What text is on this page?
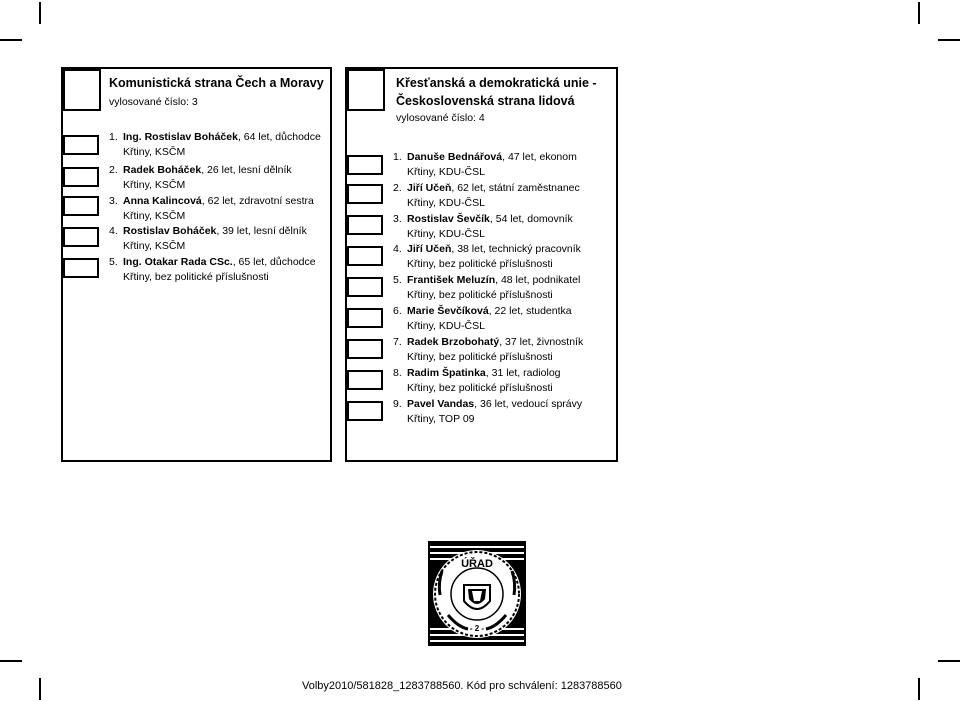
Komunistická strana Čech a Moravy
vylosované číslo: 3
1. Ing. Rostislav Boháček, 64 let, důchodce
Křtiny, KSČM
2. Radek Boháček, 26 let, lesní dělník
Křtiny, KSČM
3. Anna Kalincová, 62 let, zdravotní sestra
Křtiny, KSČM
4. Rostislav Boháček, 39 let, lesní dělník
Křtiny, KSČM
5. Ing. Otakar Rada CSc., 65 let, důchodce
Křtiny, bez politické příslušnosti
Křesťanská a demokratická unie -
Československá strana lidová
vylosované číslo: 4
1. Danuše Bednářová, 47 let, ekonom
Křtiny, KDU-ČSL
2. Jiří Učeň, 62 let, státní zaměstnanec
Křtiny, KDU-ČSL
3. Rostislav Ševčík, 54 let, domovník
Křtiny, KDU-ČSL
4. Jiří Učeň, 38 let, technický pracovník
Křtiny, bez politické příslušnosti
5. František Meluzín, 48 let, podnikatel
Křtiny, bez politické příslušnosti
6. Marie Ševčíková, 22 let, studentka
Křtiny, KDU-ČSL
7. Radek Brzobohatý, 37 let, živnostník
Křtiny, bez politické příslušnosti
8. Radim Špatinka, 31 let, radiolog
Křtiny, bez politické příslušnosti
9. Pavel Vandas, 36 let, vedoucí správy
Křtiny, TOP 09
ÚŘAD
- 2 -
Volby2010/581828_1283788560. Kód pro schválení: 1283788560
